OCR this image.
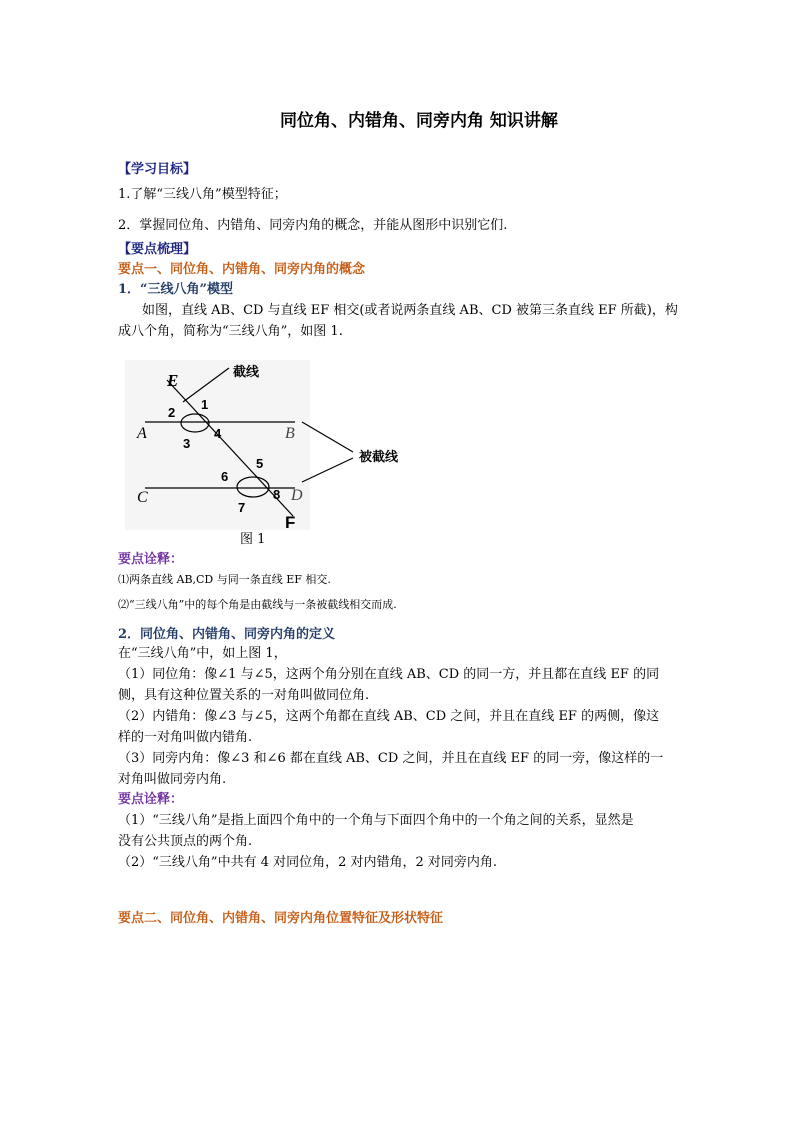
同位角、内错角、同旁内角 知识讲解
【学习目标】
1.了解“三线八角”模型特征；
2．掌握同位角、内错角、同旁内角的概念，并能从图形中识别它们.
【要点梳理】
要点一、同位角、内错角、同旁内角的概念
1．“三线八角”模型
如图，直线 AB、CD 与直线 EF 相交(或者说两条直线 AB、CD 被第三条直线 EF 所截)，构
成八个角，简称为“三线八角”，如图 1.
E
F
A	B
C	D
1
2
3
4
5
6
7
8
截线
被截线
图 1
要点诠释：
⑴两条直线 AB,CD 与同一条直线 EF 相交.
⑵“三线八角”中的每个角是由截线与一条被截线相交而成.
2．同位角、内错角、同旁内角的定义
在“三线八角”中，如上图 1，
（1）同位角：像∠1 与∠5，这两个角分别在直线 AB、CD 的同一方，并且都在直线 EF 的同
侧，具有这种位置关系的一对角叫做同位角.
（2）内错角：像∠3 与∠5，这两个角都在直线 AB、CD 之间，并且在直线 EF 的两侧，像这
样的一对角叫做内错角.
（3）同旁内角：像∠3 和∠6 都在直线 AB、CD 之间，并且在直线 EF 的同一旁，像这样的一
对角叫做同旁内角.
要点诠释：
（1）“三线八角”是指上面四个角中的一个角与下面四个角中的一个角之间的关系，显然是
没有公共顶点的两个角.
（2）“三线八角”中共有 4 对同位角，2 对内错角，2 对同旁内角.
要点二、同位角、内错角、同旁内角位置特征及形状特征
